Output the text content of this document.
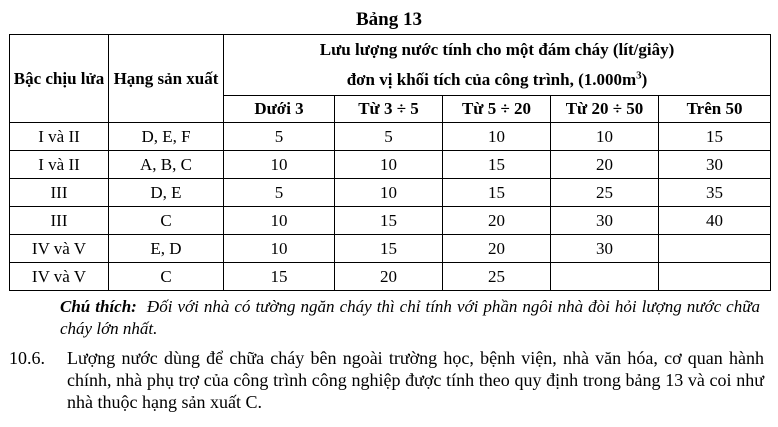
Bảng 13
Bậc chịu lửa	Hạng sản xuất	Lưu lượng nước tính cho một đám cháy (lít/giây)
đơn vị khối tích của công trình, $(1.000m^3)$				
		Dưới 3	Từ 3 ÷ 5	Từ 5 ÷ 20	Từ 20 ÷ 50	Trên 50
I và II	D, E, F	5	5	10	10	15
I và II	A, B, C	10	10	15	20	30
III	D, E	5	10	15	25	35
III	C	10	15	20	30	40
IV và V	E, D	10	15	20	30	
IV và V	C	15	20	25		
Chú thích: Đối với nhà có tường ngăn cháy thì chỉ tính với phần ngôi nhà đòi hỏi lượng nước chữa cháy lớn nhất.
10.6. Lượng nước dùng để chữa cháy bên ngoài trường học, bệnh viện, nhà văn hóa, cơ quan hành chính, nhà phụ trợ của công trình công nghiệp được tính theo quy định trong bảng 13 và coi như nhà thuộc hạng sản xuất C.
